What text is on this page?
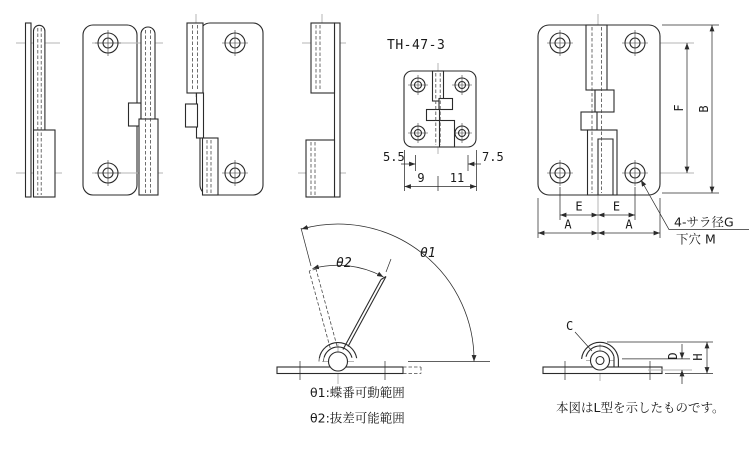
TH-47-3
5.5	7.5
9 11
E	E
A	A
F B
4-サラ径G
下穴 M
θ1
θ2
θ1:蝶番可動範囲
θ2:抜差可能範囲
C
D H
本図はL型を示したものです。
